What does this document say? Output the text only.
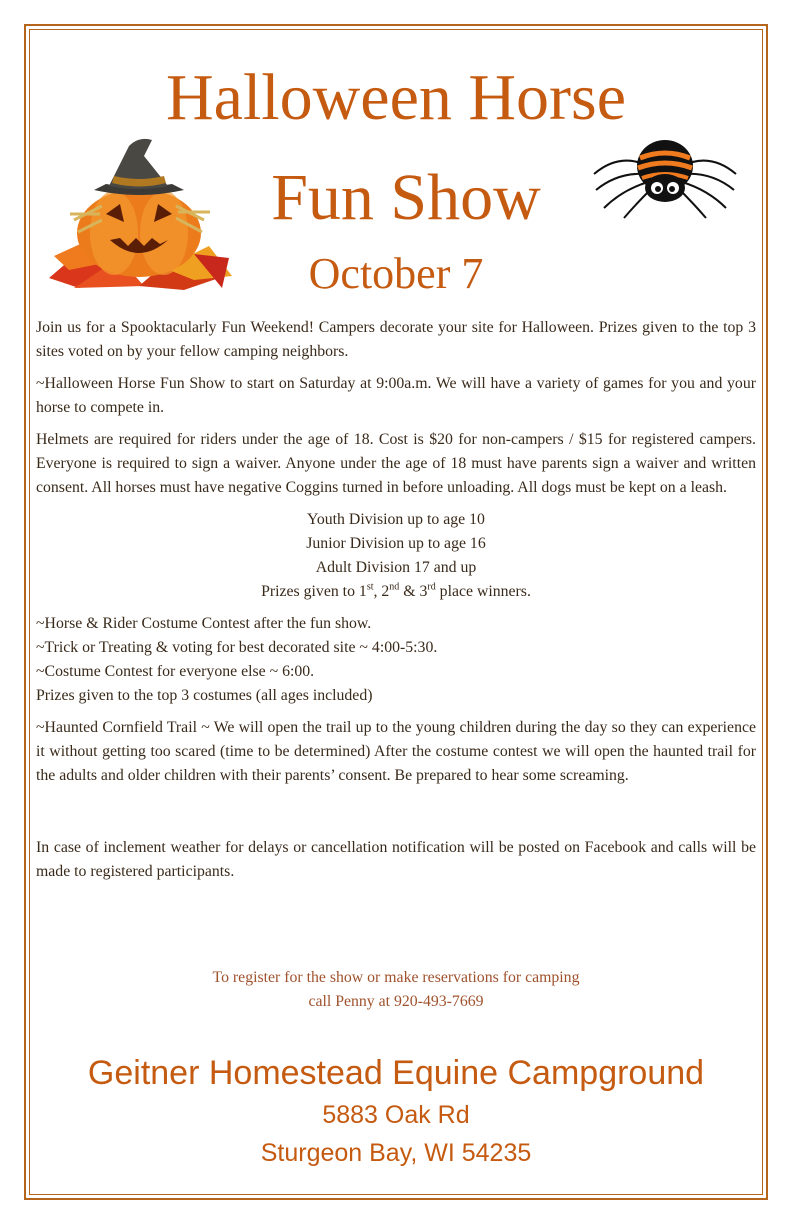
Halloween Horse
Fun Show
October 7

Join us for a Spooktacularly Fun Weekend! Campers decorate your site for Halloween. Prizes given to the top 3 sites voted on by your fellow camping neighbors.

~Halloween Horse Fun Show to start on Saturday at 9:00a.m. We will have a variety of games for you and your horse to compete in.

Helmets are required for riders under the age of 18. Cost is $20 for non-campers / $15 for registered campers. Everyone is required to sign a waiver. Anyone under the age of 18 must have parents sign a waiver and written consent. All horses must have negative Coggins turned in before unloading. All dogs must be kept on a leash.

Youth Division up to age 10

Junior Division up to age 16

Adult Division 17 and up

Prizes given to 1st, 2nd & 3rd place winners.

~Horse & Rider Costume Contest after the fun show.

~Trick or Treating & voting for best decorated site ~ 4:00-5:30.

~Costume Contest for everyone else ~ 6:00.

Prizes given to the top 3 costumes (all ages included)

~Haunted Cornfield Trail ~ We will open the trail up to the young children during the day so they can experience it without getting too scared (time to be determined) After the costume contest we will open the haunted trail for the adults and older children with their parents’ consent. Be prepared to hear some screaming.

In case of inclement weather for delays or cancellation notification will be posted on Facebook and calls will be made to registered participants.

To register for the show or make reservations for camping
call Penny at 920-493-7669
Geitner Homestead Equine Campground
5883 Oak Rd
Sturgeon Bay, WI 54235
